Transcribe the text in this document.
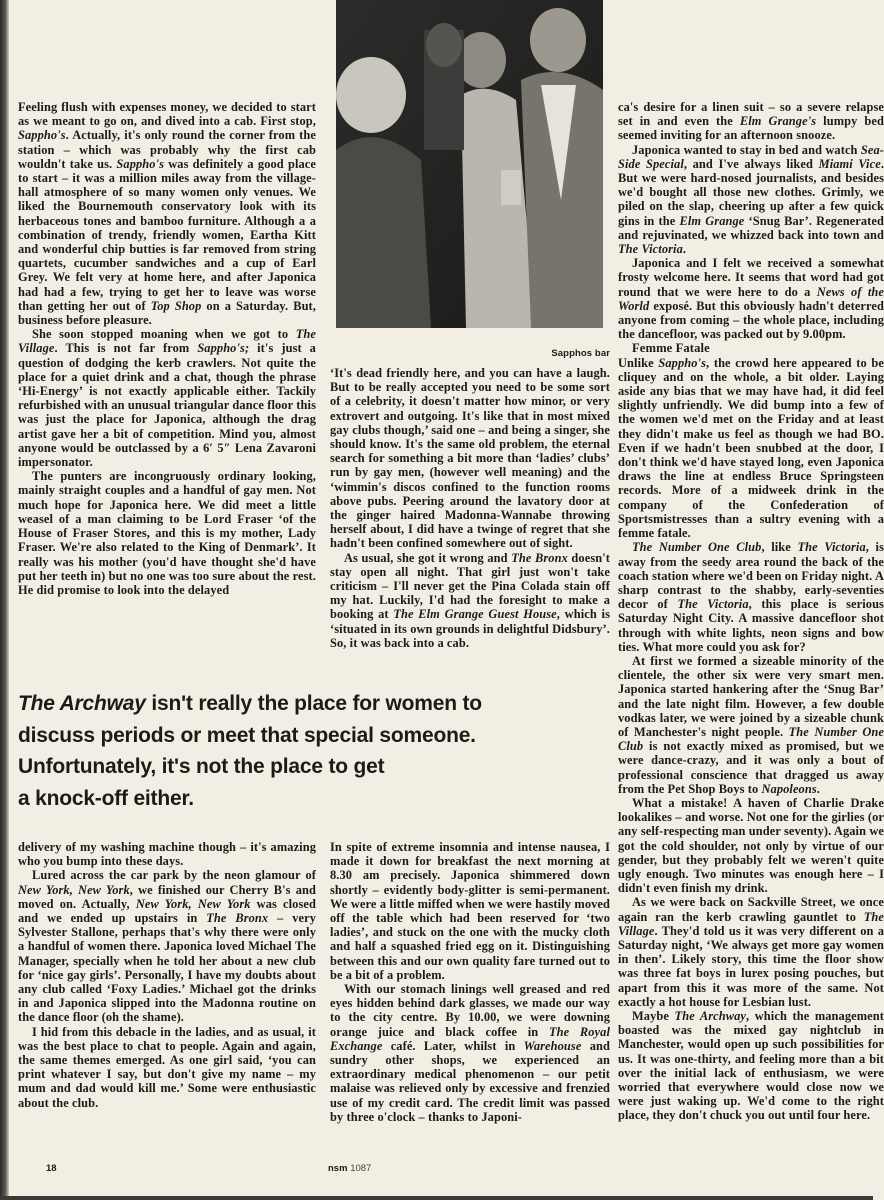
Feeling flush with expenses money, we decided to start as we meant to go on, and dived into a cab. First stop, Sappho's. Actually, it's only round the corner from the station – which was probably why the first cab wouldn't take us. Sappho's was definitely a good place to start – it was a million miles away from the village-hall atmosphere of so many women only venues. We liked the Bournemouth conservatory look with its herbaceous tones and bamboo furniture. Although a a combination of trendy, friendly women, Eartha Kitt and wonderful chip butties is far removed from string quartets, cucumber sandwiches and a cup of Earl Grey. We felt very at home here, and after Japonica had had a few, trying to get her to leave was worse than getting her out of Top Shop on a Saturday. But, business before pleasure.

She soon stopped moaning when we got to The Village. This is not far from Sappho's; it's just a question of dodging the kerb crawlers. Not quite the place for a quiet drink and a chat, though the phrase ‘Hi-Energy’ is not exactly applicable either. Tackily refurbished with an unusual triangular dance floor this was just the place for Japonica, although the drag artist gave her a bit of competition. Mind you, almost anyone would be outclassed by a 6′ 5″ Lena Zavaroni impersonator.

The punters are incongruously ordinary looking, mainly straight couples and a handful of gay men. Not much hope for Japonica here. We did meet a little weasel of a man claiming to be Lord Fraser ‘of the House of Fraser Stores, and this is my mother, Lady Fraser. We're also related to the King of Denmark’. It really was his mother (you'd have thought she'd have put her teeth in) but no one was too sure about the rest. He did promise to look into the delayed

Sapphos bar

‘It's dead friendly here, and you can have a laugh. But to be really accepted you need to be some sort of a celebrity, it doesn't matter how minor, or very extrovert and outgoing. It's like that in most mixed gay clubs though,’ said one – and being a singer, she should know. It's the same old problem, the eternal search for something a bit more than ‘ladies’ clubs’ run by gay men, (however well meaning) and the ‘wimmin's discos confined to the function rooms above pubs. Peering around the lavatory door at the ginger haired Madonna-Wannabe throwing herself about, I did have a twinge of regret that she hadn't been confined somewhere out of sight.

As usual, she got it wrong and The Bronx doesn't stay open all night. That girl just won't take criticism – I'll never get the Pina Colada stain off my hat. Luckily, I'd had the foresight to make a booking at The Elm Grange Guest House, which is ‘situated in its own grounds in delightful Didsbury’. So, it was back into a cab.

ca's desire for a linen suit – so a severe relapse set in and even the Elm Grange's lumpy bed seemed inviting for an afternoon snooze.

Japonica wanted to stay in bed and watch Sea-Side Special, and I've always liked Miami Vice. But we were hard-nosed journalists, and besides we'd bought all those new clothes. Grimly, we piled on the slap, cheering up after a few quick gins in the Elm Grange ‘Snug Bar’. Regenerated and rejuvinated, we whizzed back into town and The Victoria.

Japonica and I felt we received a somewhat frosty welcome here. It seems that word had got round that we were here to do a News of the World exposé. But this obviously hadn't deterred anyone from coming – the whole place, including the dancefloor, was packed out by 9.00pm.

Femme Fatale

Unlike Sappho's, the crowd here appeared to be cliquey and on the whole, a bit older. Laying aside any bias that we may have had, it did feel slightly unfriendly. We did bump into a few of the women we'd met on the Friday and at least they didn't make us feel as though we had BO. Even if we hadn't been snubbed at the door, I don't think we'd have stayed long, even Japonica draws the line at endless Bruce Springsteen records. More of a midweek drink in the company of the Confederation of Sportsmistresses than a sultry evening with a femme fatale.

The Number One Club, like The Victoria, is away from the seedy area round the back of the coach station where we'd been on Friday night. A sharp contrast to the shabby, early-seventies decor of The Victoria, this place is serious Saturday Night City. A massive dancefloor shot through with white lights, neon signs and bow ties. What more could you ask for?

At first we formed a sizeable minority of the clientele, the other six were very smart men. Japonica started hankering after the ‘Snug Bar’ and the late night film. However, a few double vodkas later, we were joined by a sizeable chunk of Manchester's night people. The Number One Club is not exactly mixed as promised, but we were dance-crazy, and it was only a bout of professional conscience that dragged us away from the Pet Shop Boys to Napoleons.

What a mistake! A haven of Charlie Drake lookalikes – and worse. Not one for the girlies (or any self-respecting man under seventy). Again we got the cold shoulder, not only by virtue of our gender, but they probably felt we weren't quite ugly enough. Two minutes was enough here – I didn't even finish my drink.

As we were back on Sackville Street, we once again ran the kerb crawling gauntlet to The Village. They'd told us it was very different on a Saturday night, ‘We always get more gay women in then’. Likely story, this time the floor show was three fat boys in lurex posing pouches, but apart from this it was more of the same. Not exactly a hot house for Lesbian lust.

Maybe The Archway, which the management boasted was the mixed gay nightclub in Manchester, would open up such possibilities for us. It was one-thirty, and feeling more than a bit over the initial lack of enthusiasm, we were worried that everywhere would close now we were just waking up. We'd come to the right place, they don't chuck you out until four here.

The Archway isn't really the place for women to
discuss periods or meet that special someone.
Unfortunately, it's not the place to get
a knock-off either.

delivery of my washing machine though – it's amazing who you bump into these days.

Lured across the car park by the neon glamour of New York, New York, we finished our Cherry B's and moved on. Actually, New York, New York was closed and we ended up upstairs in The Bronx – very Sylvester Stallone, perhaps that's why there were only a handful of women there. Japonica loved Michael The Manager, specially when he told her about a new club for ‘nice gay girls’. Personally, I have my doubts about any club called ‘Foxy Ladies.’ Michael got the drinks in and Japonica slipped into the Madonna routine on the dance floor (oh the shame).

I hid from this debacle in the ladies, and as usual, it was the best place to chat to people. Again and again, the same themes emerged. As one girl said, ‘you can print whatever I say, but don't give my name – my mum and dad would kill me.’ Some were enthusiastic about the club.

In spite of extreme insomnia and intense nausea, I made it down for breakfast the next morning at 8.30 am precisely. Japonica shimmered down shortly – evidently body-glitter is semi-permanent. We were a little miffed when we were hastily moved off the table which had been reserved for ‘two ladies’, and stuck on the one with the mucky cloth and half a squashed fried egg on it. Distinguishing between this and our own quality fare turned out to be a bit of a problem.

With our stomach linings well greased and red eyes hidden behind dark glasses, we made our way to the city centre. By 10.00, we were downing orange juice and black coffee in The Royal Exchange café. Later, whilst in Warehouse and sundry other shops, we experienced an extraordinary medical phenomenon – our petit malaise was relieved only by excessive and frenzied use of my credit card. The credit limit was passed by three o'clock – thanks to Japoni-

18	nsm 1087
